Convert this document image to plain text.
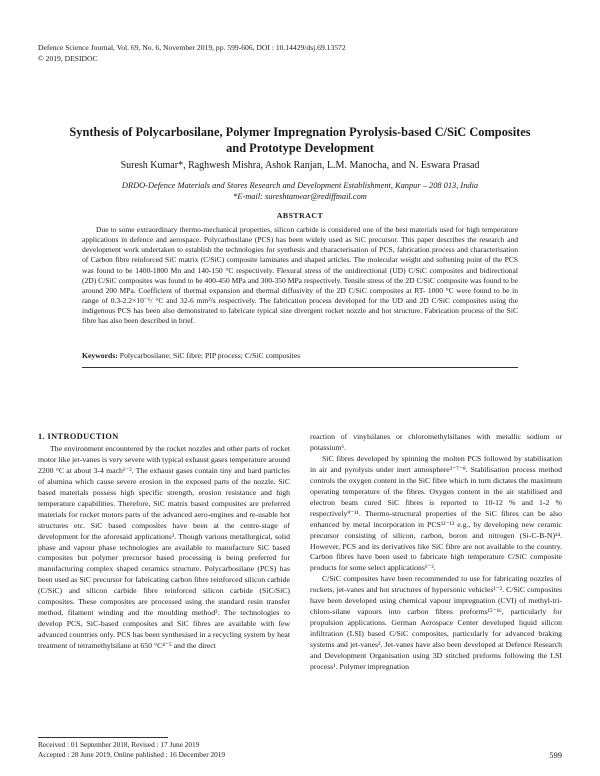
Defence Science Journal, Vol. 69, No. 6, November 2019, pp. 599-606, DOI : 10.14429/dsj.69.13572
© 2019, DESIDOC
Synthesis of Polycarbosilane, Polymer Impregnation Pyrolysis-based C/SiC Composites and Prototype Development
Suresh Kumar*, Raghwesh Mishra, Ashok Ranjan, L.M. Manocha, and N. Eswara Prasad
DRDO-Defence Materials and Stores Research and Development Establishment, Kanpur – 208 013, India
*E-mail: sureshtanwar@rediffmail.com
ABSTRACT
Due to some extraordinary thermo-mechanical properties, silicon carbide is considered one of the best materials used for high temperature applications in defence and aerospace. Polycarbosilane (PCS) has been widely used as SiC precursor. This paper describes the research and development work undertaken to establish the technologies for synthesis and characterisation of PCS, fabrication process and characterisation of Carbon fibre reinforced SiC matrix (C/SiC) composite laminates and shaped articles. The molecular weight and softening point of the PCS was found to be 1400-1800 Mn and 140-150 °C respectively. Flexural stress of the unidirectional (UD) C/SiC composites and bidirectional (2D) C/SiC composites was found to be 400-450 MPa and 300-350 MPa respectively. Tensile stress of the 2D C/SiC composite was found to be around 200 MPa. Coefficient of thermal expansion and thermal diffusivity of the 2D C/SiC composites at RT- 1000 °C were found to be in range of 0.3-2.2×10⁻⁶/ °C and 32-6 mm²/s respectively. The fabrication process developed for the UD and 2D C/SiC composites using the indigenous PCS has been also demonstrated to fabricate typical size divergent rocket nozzle and hot structure. Fabrication process of the SiC fibre has also been described in brief.
Keywords: Polycarbosilane; SiC fibre; PIP process; C/SiC composites
1. INTRODUCTION

The environment encountered by the rocket nozzles and other parts of rocket motor like jet-vanes is very severe with typical exhaust gases temperature around 2200 °C at about 3-4 mach¹⁻². The exhaust gases contain tiny and hard particles of alumina which cause severe erosion in the exposed parts of the nozzle. SiC based materials possess high specific strength, erosion resistance and high temperature capabilities. Therefore, SiC matrix based composites are preferred materials for rocket motors parts of the advanced aero-engines and re-usable hot structures etc. SiC based composites have been at the centre-stage of development for the aforesaid applications³. Though various metallurgical, solid phase and vapour phase technologies are available to manufacture SiC based composites but polymer precursor based processing is being preferred for manufacturing complex shaped ceramics structure. Polycarbosilane (PCS) has been used as SiC precursor for fabricating carbon fibre reinforced silicon carbide (C/SiC) and silicon carbide fibre reinforced silicon carbide (SiC/SiC) composites. These composites are processed using the standard resin transfer method, filament winding and the moulding method³. The technologies to develop PCS, SiC-based composites and SiC fibres are available with few advanced countries only. PCS has been synthesised in a recycling system by heat treatment of tetramethylsilane at 650 °C⁴⁻⁵ and the direct

reaction of vinylsilanes or chloromethylsilanes with metallic sodium or potassium⁶.

SiC fibres developed by spinning the molten PCS followed by stabilisation in air and pyrolysis under inert atmosphere³⁻⁷⁻⁸. Stabilisation process method controls the oxygen content in the SiC fibre which in turn dictates the maximum operating temperature of the fibres. Oxygen content in the air stabilised and electron beam cured SiC fibres is reported to 10-12 % and 1-2 % respectively⁹⁻¹¹. Thermo-structural properties of the SiC fibres can be also enhanced by metal incorporation in PCS¹²⁻¹³ e.g., by developing new ceramic precursor consisting of silicon, carbon, boron and nitrogen (Si-C-B-N)¹⁴. However, PCS and its derivatives like SiC fibre are not available to the country. Carbon fibres have been used to fabricate high temperature C/SiC composite products for some select applications¹⁻².

C/SiC composites have been recommended to use for fabricating nozzles of rockets, jet-vanes and hot structures of hypersonic vehicles¹⁻². C/SiC composites have been developed using chemical vapour impregnation (CVI) of methyl-tri-chloro-silane vapours into carbon fibres preforms¹⁵⁻¹⁶, particularly for propulsion applications. German Aerospace Center developed liquid silicon infiltration (LSI) based C/SiC composites, particularly for advanced braking systems and jet-vanes². Jet-vanes have also been developed at Defence Research and Development Organisation using 3D stitched preforms following the LSI process¹. Polymer impregnation

Received : 01 September 2018, Revised : 17 June 2019
Accepted : 28 June 2019, Online published : 16 December 2019	599
